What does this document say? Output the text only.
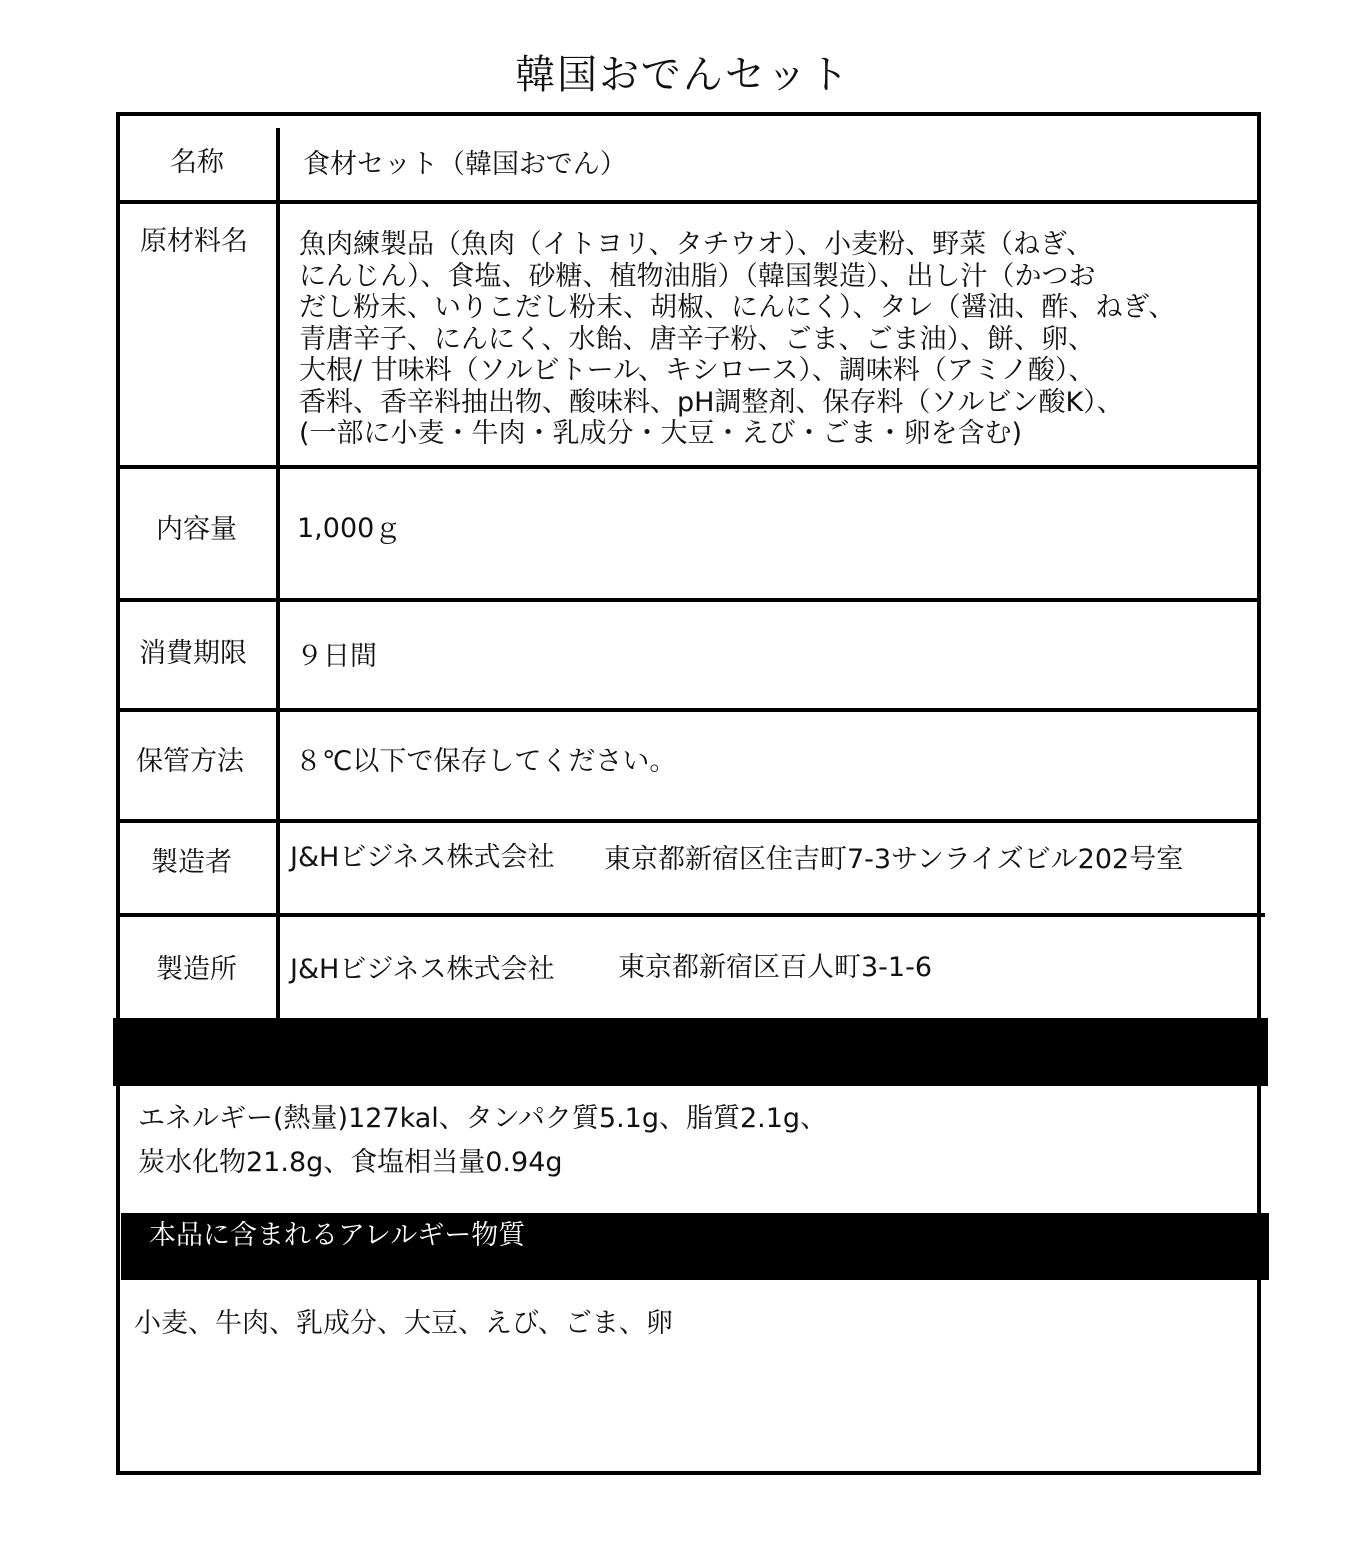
韓国おでんセット
名称	食材セット（韓国おでん）
原材料名 魚肉練製品（魚肉（イトヨリ、タチウオ）、小麦粉、野菜（ねぎ、
にんじん）、食塩、砂糖、植物油脂）（韓国製造）、出し汁（かつお
だし粉末、いりこだし粉末、胡椒、にんにく）、タレ（醤油、酢、ねぎ、
青唐辛子、にんにく、水飴、唐辛子粉、ごま、ごま油）、餅、卵、
大根/ 甘味料（ソルビトール、キシロース）、調味料（アミノ酸）、
香料、香辛料抽出物、酸味料、pH調整剤、保存料（ソルビン酸K）、
(一部に小麦・牛肉・乳成分・大豆・えび・ごま・卵を含む)
内容量 1,000ｇ
消費期限 ９日間
保管方法 ８℃以下で保存してください。
製造者 J&Hビジネス株式会社 東京都新宿区住吉町7-3サンライズビル202号室
製造所 J&Hビジネス株式会社 東京都新宿区百人町3-1-6
エネルギー(熱量)127kal、タンパク質5.1g、脂質2.1g、
炭水化物21.8g、食塩相当量0.94g
本品に含まれるアレルギー物質
小麦、牛肉、乳成分、大豆、えび、ごま、卵
